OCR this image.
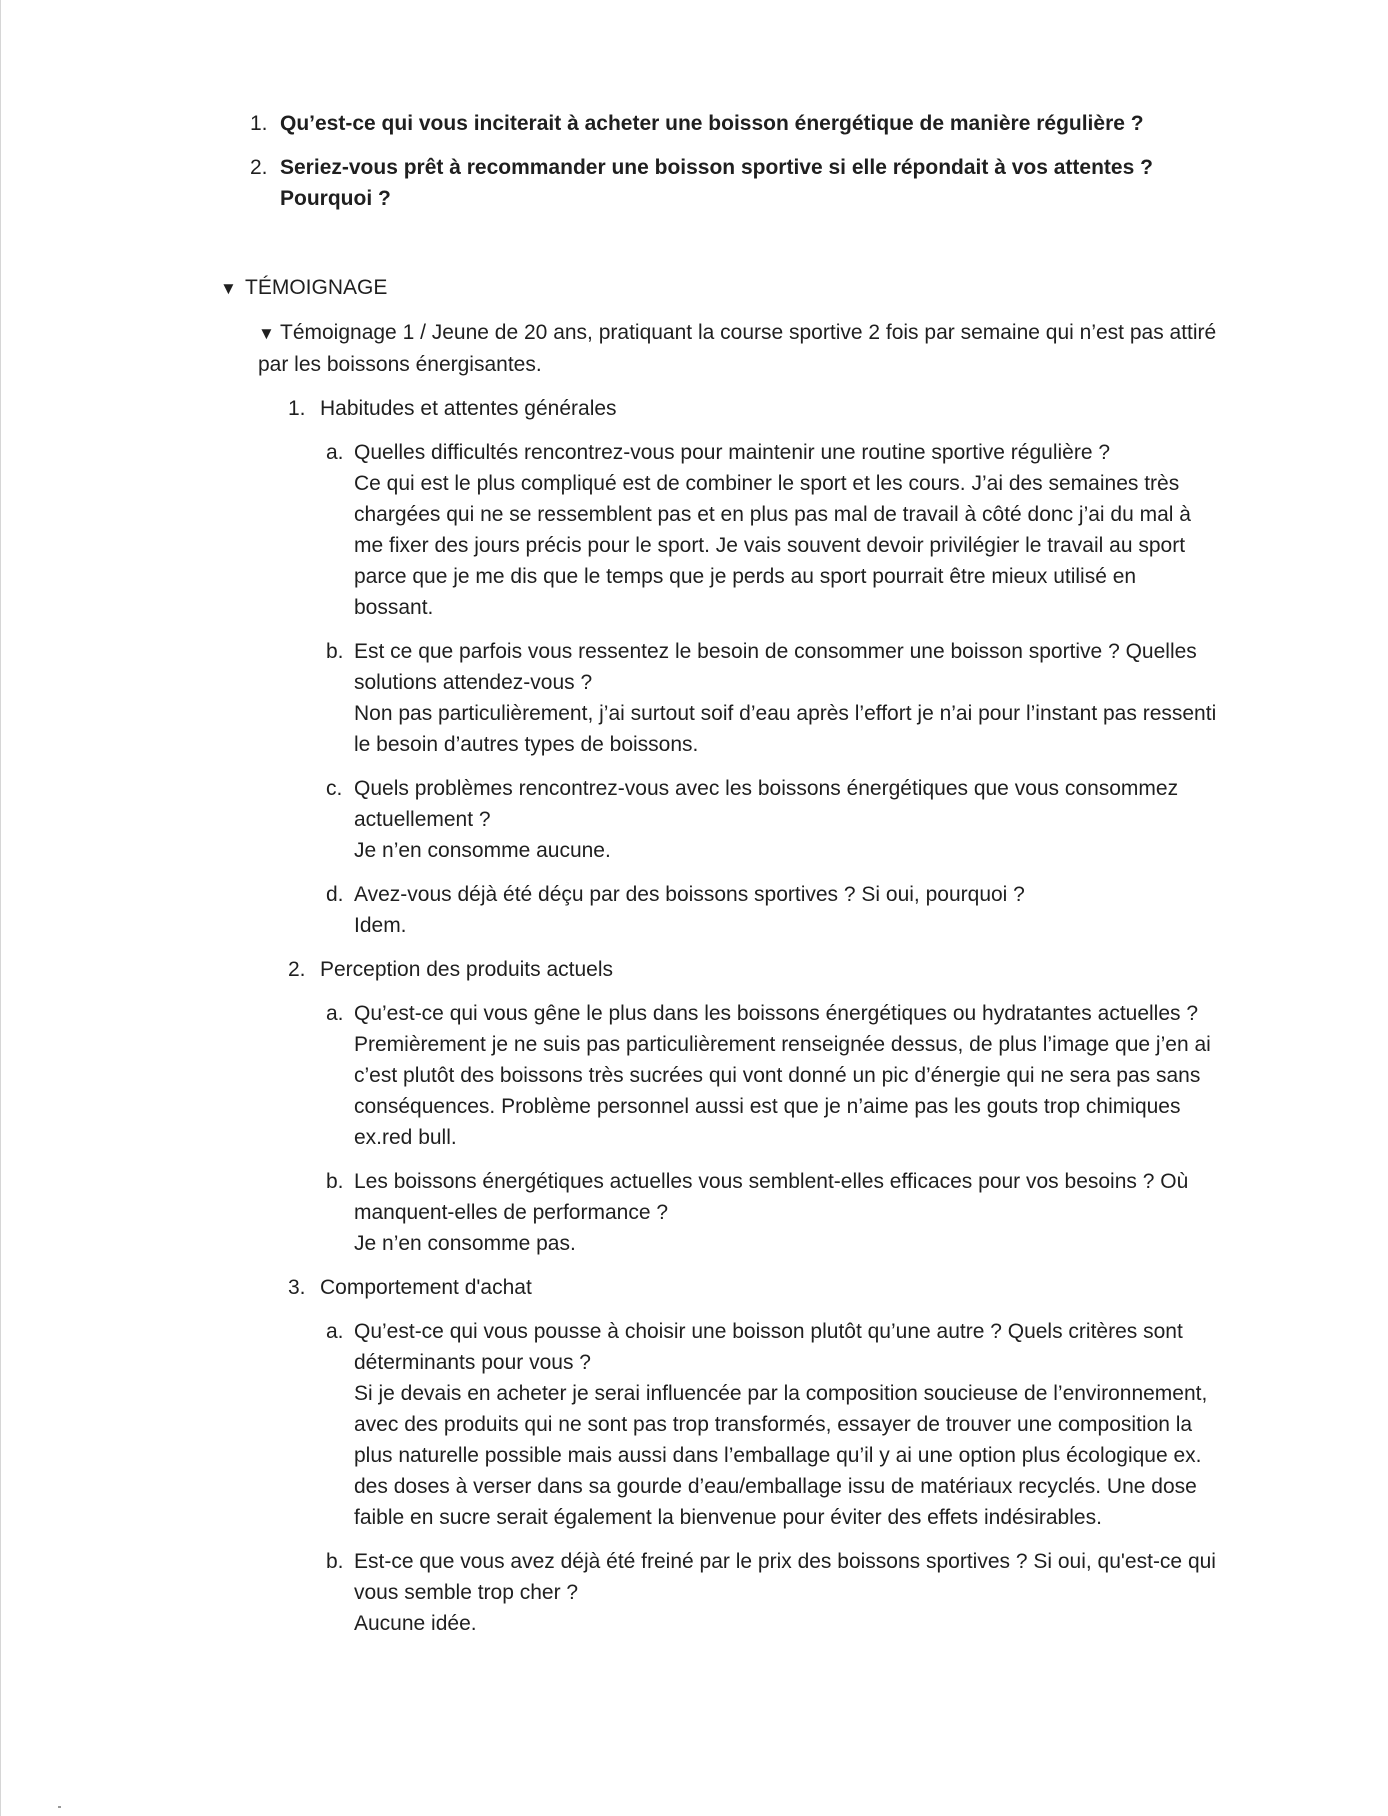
1. Qu’est-ce qui vous inciterait à acheter une boisson énergétique de manière régulière ?
2. Seriez-vous prêt à recommander une boisson sportive si elle répondait à vos attentes ? Pourquoi ?
▼ TÉMOIGNAGE
▼ Témoignage 1 / Jeune de 20 ans, pratiquant la course sportive 2 fois par semaine qui n’est pas attiré par les boissons énergisantes.
1. Habitudes et attentes générales
a. Quelles difficultés rencontrez-vous pour maintenir une routine sportive régulière ?
Ce qui est le plus compliqué est de combiner le sport et les cours. J’ai des semaines très chargées qui ne se ressemblent pas et en plus pas mal de travail à côté donc j’ai du mal à me fixer des jours précis pour le sport. Je vais souvent devoir privilégier le travail au sport parce que je me dis que le temps que je perds au sport pourrait être mieux utilisé en bossant.
b. Est ce que parfois vous ressentez le besoin de consommer une boisson sportive ? Quelles solutions attendez-vous ?
Non pas particulièrement, j’ai surtout soif d’eau après l’effort je n’ai pour l’instant pas ressenti le besoin d’autres types de boissons.
c. Quels problèmes rencontrez-vous avec les boissons énergétiques que vous consommez actuellement ?
Je n’en consomme aucune.
d. Avez-vous déjà été déçu par des boissons sportives ? Si oui, pourquoi ?
Idem.
2. Perception des produits actuels
a. Qu’est-ce qui vous gêne le plus dans les boissons énergétiques ou hydratantes actuelles ?
Premièrement je ne suis pas particulièrement renseignée dessus, de plus l’image que j’en ai c’est plutôt des boissons très sucrées qui vont donné un pic d’énergie qui ne sera pas sans conséquences. Problème personnel aussi est que je n’aime pas les gouts trop chimiques ex.red bull.
b. Les boissons énergétiques actuelles vous semblent-elles efficaces pour vos besoins ? Où manquent-elles de performance ?
Je n’en consomme pas.
3. Comportement d'achat
a. Qu’est-ce qui vous pousse à choisir une boisson plutôt qu’une autre ? Quels critères sont déterminants pour vous ?
Si je devais en acheter je serai influencée par la composition soucieuse de l’environnement, avec des produits qui ne sont pas trop transformés, essayer de trouver une composition la plus naturelle possible mais aussi dans l’emballage qu’il y ai une option plus écologique ex. des doses à verser dans sa gourde d’eau/emballage issu de matériaux recyclés. Une dose faible en sucre serait également la bienvenue pour éviter des effets indésirables.
b. Est-ce que vous avez déjà été freiné par le prix des boissons sportives ? Si oui, qu'est-ce qui vous semble trop cher ?
Aucune idée.
